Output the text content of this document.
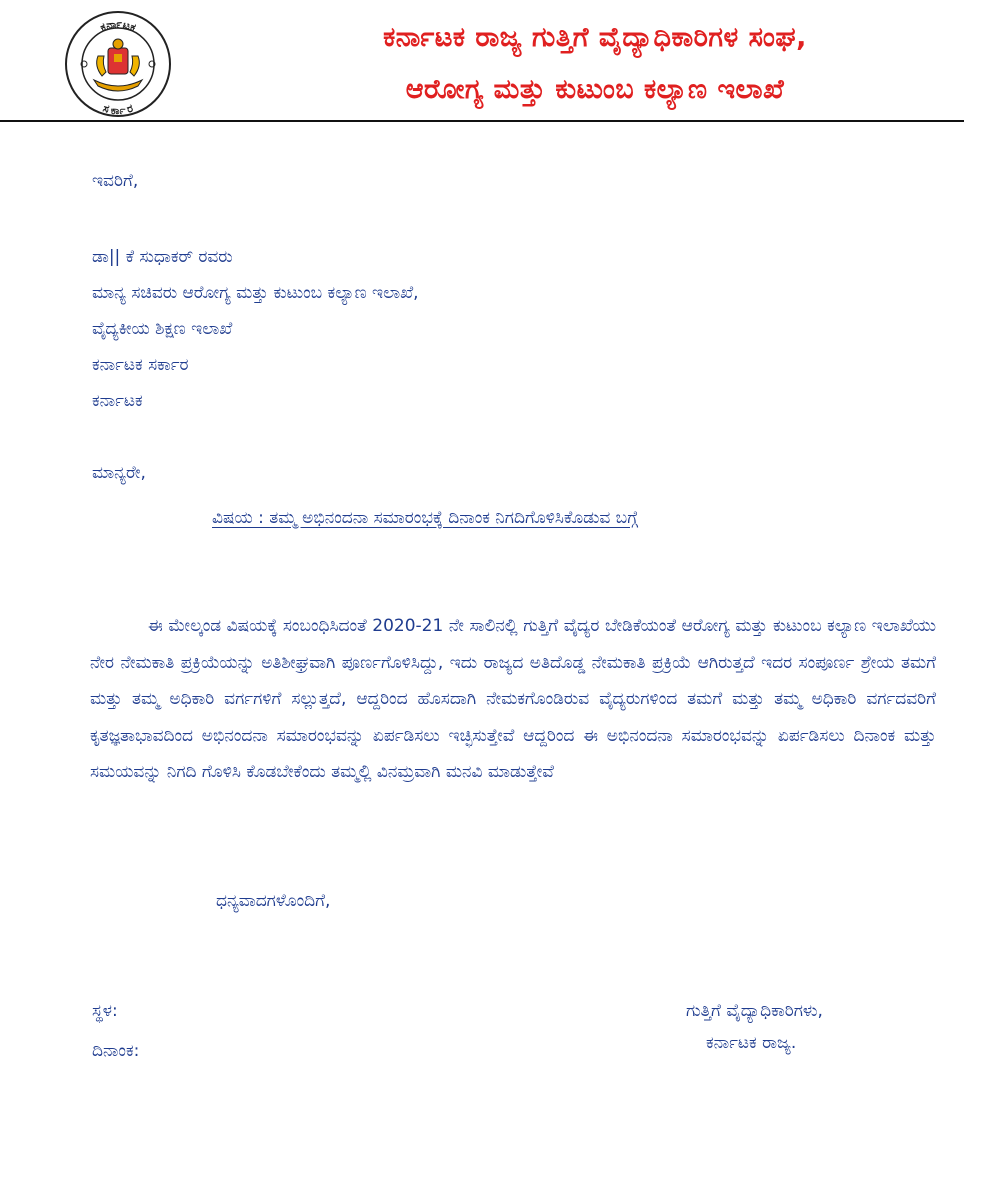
ಕರ್ನಾಟಕ
ಸರ್ಕಾರ
ಕರ್ನಾಟಕ ರಾಜ್ಯ ಗುತ್ತಿಗೆ ವೈದ್ಯಾಧಿಕಾರಿಗಳ ಸಂಘ,
ಆರೋಗ್ಯ ಮತ್ತು ಕುಟುಂಬ ಕಲ್ಯಾಣ ಇಲಾಖೆ
ಇವರಿಗೆ,
ಡಾ|| ಕೆ ಸುಧಾಕರ್ ರವರು
ಮಾನ್ಯ ಸಚಿವರು ಆರೋಗ್ಯ ಮತ್ತು ಕುಟುಂಬ ಕಲ್ಯಾಣ ಇಲಾಖೆ,
ವೈದ್ಯಕೀಯ ಶಿಕ್ಷಣ ಇಲಾಖೆ
ಕರ್ನಾಟಕ ಸರ್ಕಾರ
ಕರ್ನಾಟಕ
ಮಾನ್ಯರೇ,
ವಿಷಯ : ತಮ್ಮ ಅಭಿನಂದನಾ ಸಮಾರಂಭಕ್ಕೆ ದಿನಾಂಕ ನಿಗದಿಗೊಳಿಸಿಕೊಡುವ ಬಗ್ಗೆ
ಈ ಮೇಲ್ಕಂಡ ವಿಷಯಕ್ಕೆ ಸಂಬಂಧಿಸಿದಂತೆ 2020-21 ನೇ ಸಾಲಿನಲ್ಲಿ ಗುತ್ತಿಗೆ ವೈದ್ಯರ ಬೇಡಿಕೆಯಂತೆ ಆರೋಗ್ಯ ಮತ್ತು ಕುಟುಂಬ ಕಲ್ಯಾಣ ಇಲಾಖೆಯು ನೇರ ನೇಮಕಾತಿ ಪ್ರಕ್ರಿಯೆಯನ್ನು ಅತಿಶೀಘ್ರವಾಗಿ ಪೂರ್ಣಗೊಳಿಸಿದ್ದು, ಇದು ರಾಜ್ಯದ ಅತಿದೊಡ್ಡ ನೇಮಕಾತಿ ಪ್ರಕ್ರಿಯೆ ಆಗಿರುತ್ತದೆ ಇದರ ಸಂಪೂರ್ಣ ಶ್ರೇಯ ತಮಗೆ ಮತ್ತು ತಮ್ಮ ಅಧಿಕಾರಿ ವರ್ಗಗಳಿಗೆ ಸಲ್ಲುತ್ತದೆ, ಆದ್ದರಿಂದ ಹೊಸದಾಗಿ ನೇಮಕಗೊಂಡಿರುವ ವೈದ್ಯರುಗಳಿಂದ ತಮಗೆ ಮತ್ತು ತಮ್ಮ ಅಧಿಕಾರಿ ವರ್ಗದವರಿಗೆ ಕೃತಜ್ಞತಾಭಾವದಿಂದ ಅಭಿನಂದನಾ ಸಮಾರಂಭವನ್ನು ಏರ್ಪಡಿಸಲು ಇಚ್ಛಿಸುತ್ತೇವೆ ಆದ್ದರಿಂದ ಈ ಅಭಿನಂದನಾ ಸಮಾರಂಭವನ್ನು ಏರ್ಪಡಿಸಲು ದಿನಾಂಕ ಮತ್ತು ಸಮಯವನ್ನು ನಿಗದಿ ಗೊಳಿಸಿ ಕೊಡಬೇಕೆಂದು ತಮ್ಮಲ್ಲಿ ವಿನಮ್ರವಾಗಿ ಮನವಿ ಮಾಡುತ್ತೇವೆ
ಧನ್ಯವಾದಗಳೊಂದಿಗೆ,
ಸ್ಥಳ:
ದಿನಾಂಕ:
ಗುತ್ತಿಗೆ ವೈದ್ಯಾಧಿಕಾರಿಗಳು,
ಕರ್ನಾಟಕ ರಾಜ್ಯ.
